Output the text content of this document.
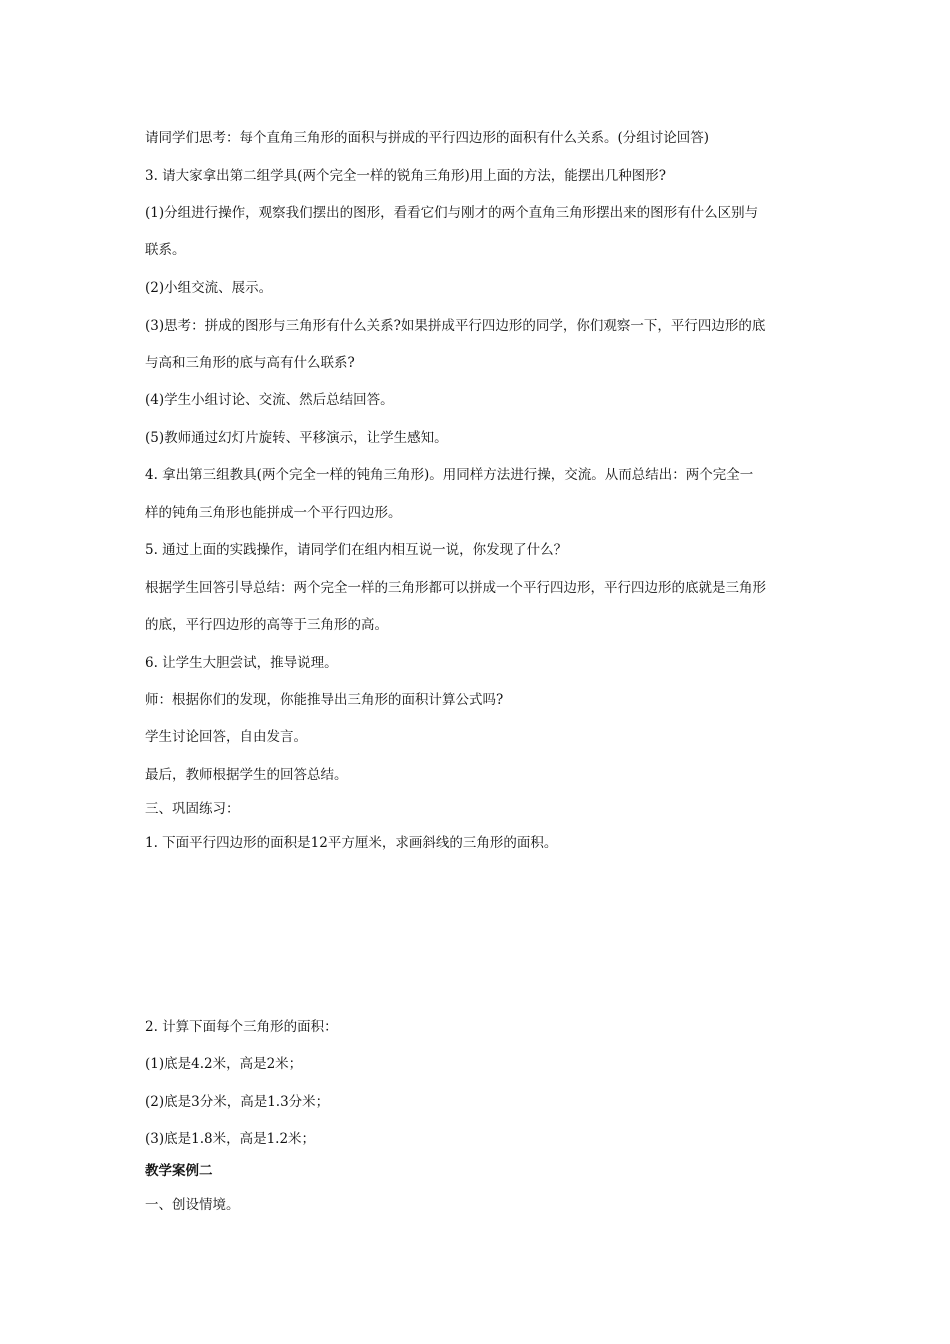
请同学们思考：每个直角三角形的面积与拼成的平行四边形的面积有什么关系。(分组讨论回答)
3. 请大家拿出第二组学具(两个完全一样的锐角三角形)用上面的方法，能摆出几种图形?
(1)分组进行操作，观察我们摆出的图形，看看它们与刚才的两个直角三角形摆出来的图形有什么区别与
联系。
(2)小组交流、展示。
(3)思考：拼成的图形与三角形有什么关系?如果拼成平行四边形的同学，你们观察一下，平行四边形的底
与高和三角形的底与高有什么联系?
(4)学生小组讨论、交流、然后总结回答。
(5)教师通过幻灯片旋转、平移演示，让学生感知。
4. 拿出第三组教具(两个完全一样的钝角三角形)。用同样方法进行操，交流。从而总结出：两个完全一
样的钝角三角形也能拼成一个平行四边形。
5. 通过上面的实践操作，请同学们在组内相互说一说，你发现了什么？
根据学生回答引导总结：两个完全一样的三角形都可以拼成一个平行四边形，平行四边形的底就是三角形
的底，平行四边形的高等于三角形的高。
6. 让学生大胆尝试，推导说理。
师：根据你们的发现，你能推导出三角形的面积计算公式吗?
学生讨论回答，自由发言。
最后，教师根据学生的回答总结。
三、巩固练习：
1. 下面平行四边形的面积是12平方厘米，求画斜线的三角形的面积。
2. 计算下面每个三角形的面积：
(1)底是4.2米，高是2米；
(2)底是3分米，高是1.3分米；
(3)底是1.8米，高是1.2米；
教学案例二
一、创设情境。
